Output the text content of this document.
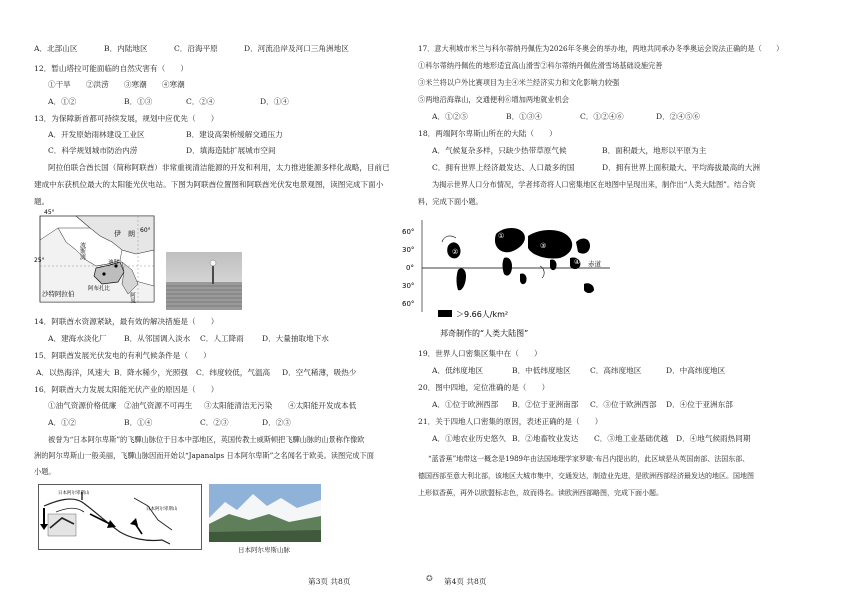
A．北部山区	B．内陆地区	C．沿海平原	D．河流沿岸及河口三角洲地区
12．暂山塔拉可能面临的自然灾害有（　　）
①干旱　　②洪涝　　③寒潮　　④寒潮
A．①②	B．①③	C．②④	D．①④
13．为保障新首都可持续发展，规划中应优先（　　）
A．开发原始雨林建设工业区	B．建设高架桥缓解交通压力
C．科学规划城市防治内涝	D．填海造陆扩展城市空间
阿拉伯联合酋长国（简称阿联酋）非常重视清洁能源的开发和利用，太力推进能源多样化战略，目前已
建成中东获机位最大的太阳能光伏电站。下图为阿联酋位置图和阿联酋光伏发电景观图，读图完成下面小
题。
45°
60°
25°
伊　朗
波斯湾
沙特阿拉伯
迪拜
阿布扎比
阿曼
14．阿联酋水资源紧缺，最有效的解决措施是（　　）
A．建海水淡化厂 B．从邻国调入淡水 C．人工降雨 D．大量抽取地下水
15．阿联酋发展光伏发电的有利气候条件是（　　）
A．以热海洋，风速大 B．降水稀少，光照强 C．纬度较低，气温高 D．空气稀薄，吸热少
16．阿联酋大力发展太阳能光伏产业的原因是（　　）
①油气资源价格低廉 ②油气资源不可再生 ③太阳能清洁无污染 ④太阳能开发成本低
A．①②	B．①④	C．②③	D．②③
被誉为“日本阿尔卑斯”的飞驒山脉位于日本中部地区，英国传教士威斯顿把飞驒山脉的山景称作像欧
洲的阿尔卑斯山一般美丽，飞驒山脉因而开始以“Japanalps 日本阿尔卑斯”之名闻名于欧美。读图完成下面
小题。
日本阿尔卑斯山
日本阿尔卑斯山
日本阿尔卑斯山脉
第3页 共8页	✪
17．意大利城市米兰与科尔蒂纳丹佩佐为2026年冬奥会的举办地，两地共同承办冬季奥运会说法正确的是（　　）
①科尔蒂纳丹佩佐的地形适宜高山滑雪②科尔蒂纳丹佩佐滑雪场基础设施完善
③米兰将以户外比赛项目为主④米兰经济实力和文化影响力较强
⑤两地沿海靠山，交通便利⑥增加两地就业机会
A．①②⑤	B．①③④	C．①②④⑥	D．②④⑤⑥
18．两端阿尔卑斯山所在的大陆（　　）
A．气候复杂多样，只缺少热带草原气候	B．面积最大，地形以平原为主
C．拥有世界上经济最发达、人口最多的国	D．拥有世界上面积最大、平均海拔最高的大洲
为揭示世界人口分布情况，学者邦奇将人口密集地区在地图中呈现出来，制作出“人类大陆图”。结合资
料，完成下面小题。
60°
30°
0°
30°
60°
赤道
①
②
③
④
＞9.66人/km²
邦奇制作的“人类大陆图”
19．世界人口密集区集中在（　　）
A．低纬度地区	B．中低纬度地区	C．高纬度地区	D．中高纬度地区
20．图中四地，定位准确的是（　　）
A．①位于欧洲西部 B．②位于亚洲南部 C．③位于欧洲西部 D．④位于亚洲东部
21．关于四地人口密集的原因，表述正确的是（　　）
A．①地农业历史悠久 B．②地畜牧业发达 C．③地工业基础优越 D．④地气候雨热同期
“蓝香蕉”地带这一概念是1989年由法国地理学家罗歇·布吕内提出的，此区域是从英国南部、法国东部、
德国西部至意大利北部，该地区大城市集中，交通发达，制造业先进，是欧洲西部经济最发达的地区。国地图
上形似香蕉，再外以欧盟标志色，故而得名。读欧洲西部略图，完成下面小题。
第4页 共8页
